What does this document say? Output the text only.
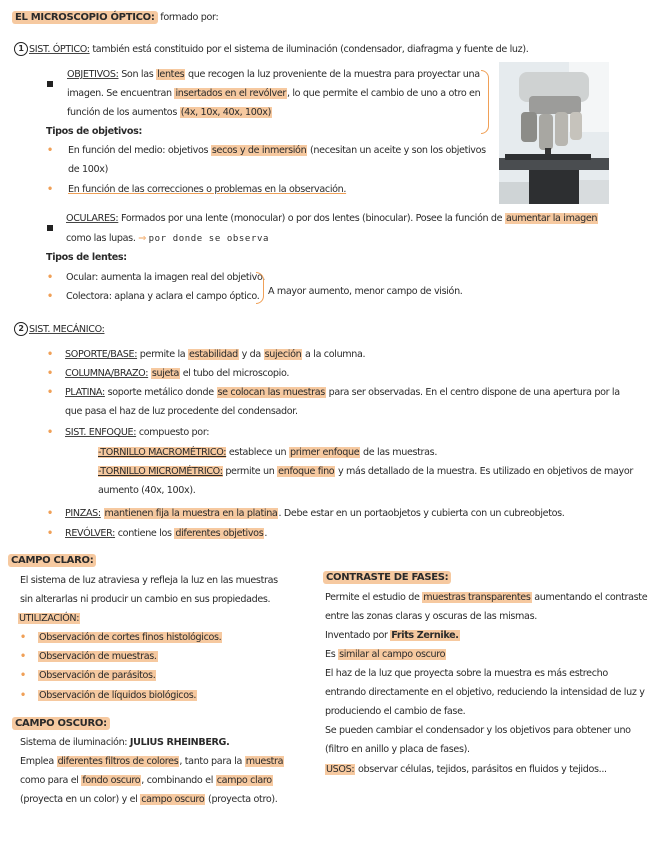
EL MICROSCOPIO ÓPTICO: formado por:
1 SIST. ÓPTICO: también está constituido por el sistema de iluminación (condensador, diafragma y fuente de luz).
OBJETIVOS: Son las lentes que recogen la luz proveniente de la muestra para proyectar una
imagen. Se encuentran insertados en el revólver, lo que permite el cambio de uno a otro en
función de los aumentos (4x, 10x, 40x, 100x)
Tipos de objetivos:
• En función del medio: objetivos secos y de inmersión (necesitan un aceite y son los objetivos
de 100x)
• En función de las correcciones o problemas en la observación.
OCULARES: Formados por una lente (monocular) o por dos lentes (binocular). Posee la función de aumentar la imagen
como las lupas. ⇒ por donde se observa
Tipos de lentes:
• Ocular: aumenta la imagen real del objetivo.
• Colectora: aplana y aclara el campo óptico. A mayor aumento, menor campo de visión.
2 SIST. MECÁNICO:
• SOPORTE/BASE: permite la estabilidad y da sujeción a la columna.
• COLUMNA/BRAZO: sujeta el tubo del microscopio.
• PLATINA: soporte metálico donde se colocan las muestras para ser observadas. En el centro dispone de una apertura por la
que pasa el haz de luz procedente del condensador.
• SIST. ENFOQUE: compuesto por:
-TORNILLO MACROMÉTRICO: establece un primer enfoque de las muestras.
-TORNILLO MICROMÉTRICO: permite un enfoque fino y más detallado de la muestra. Es utilizado en objetivos de mayor
aumento (40x, 100x).
• PINZAS: mantienen fija la muestra en la platina. Debe estar en un portaobjetos y cubierta con un cubreobjetos.
• REVÓLVER: contiene los diferentes objetivos.
CAMPO CLARO:
El sistema de luz atraviesa y refleja la luz en las muestras
sin alterarlas ni producir un cambio en sus propiedades.
UTILIZACIÓN:
• Observación de cortes finos histológicos.
• Observación de muestras.
• Observación de parásitos.
• Observación de líquidos biológicos.
CAMPO OSCURO:
Sistema de iluminación: JULIUS RHEINBERG.
Emplea diferentes filtros de colores, tanto para la muestra
como para el fondo oscuro, combinando el campo claro
(proyecta en un color) y el campo oscuro (proyecta otro).
CONTRASTE DE FASES:
Permite el estudio de muestras transparentes aumentando el contraste
entre las zonas claras y oscuras de las mismas.
Inventado por Frits Zernike.
Es similar al campo oscuro
El haz de la luz que proyecta sobre la muestra es más estrecho
entrando directamente en el objetivo, reduciendo la intensidad de luz y
produciendo el cambio de fase.
Se pueden cambiar el condensador y los objetivos para obtener uno
(filtro en anillo y placa de fases).
USOS: observar células, tejidos, parásitos en fluidos y tejidos...
